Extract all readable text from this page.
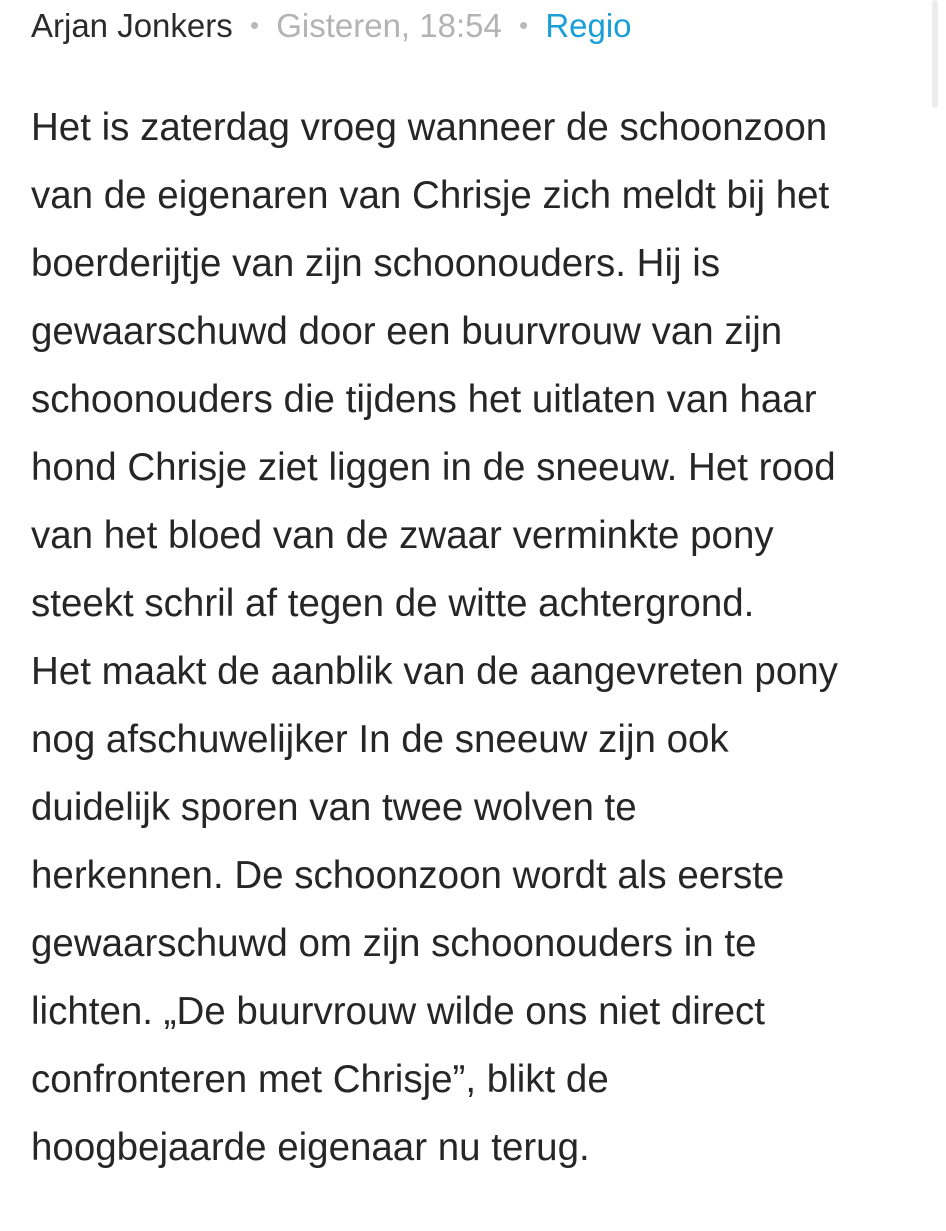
Arjan Jonkers • Gisteren, 18:54 • Regio
Het is zaterdag vroeg wanneer de schoonzoon
van de eigenaren van Chrisje zich meldt bij het
boerderijtje van zijn schoonouders. Hij is
gewaarschuwd door een buurvrouw van zijn
schoonouders die tijdens het uitlaten van haar
hond Chrisje ziet liggen in de sneeuw. Het rood
van het bloed van de zwaar verminkte pony
steekt schril af tegen de witte achtergrond.
Het maakt de aanblik van de aangevreten pony
nog afschuwelijker In de sneeuw zijn ook
duidelijk sporen van twee wolven te
herkennen. De schoonzoon wordt als eerste
gewaarschuwd om zijn schoonouders in te
lichten. „De buurvrouw wilde ons niet direct
confronteren met Chrisje”, blikt de
hoogbejaarde eigenaar nu terug.
